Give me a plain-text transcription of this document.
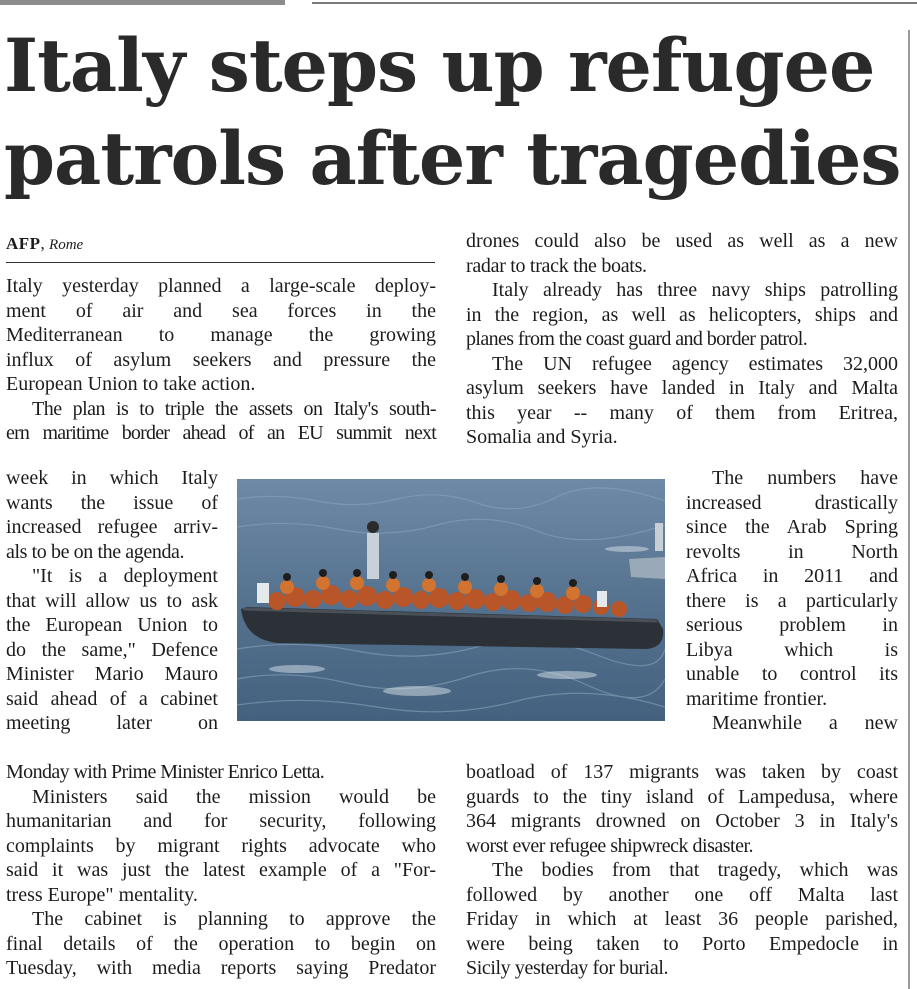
Italy steps up refugee
patrols after tragedies
AFP, Rome

Italy yesterday planned a large-scale deploy-
ment of air and sea forces in the
Mediterranean to manage the growing
influx of asylum seekers and pressure the
European Union to take action.

The plan is to triple the assets on Italy's south-
ern maritime border ahead of an EU summit next

week in which Italy
wants the issue of
increased refugee arriv-
als to be on the agenda.

"It is a deployment
that will allow us to ask
the European Union to
do the same," Defence
Minister Mario Mauro
said ahead of a cabinet
meeting later on

Monday with Prime Minister Enrico Letta.

Ministers said the mission would be
humanitarian and for security, following
complaints by migrant rights advocate who
said it was just the latest example of a "For-
tress Europe" mentality.

The cabinet is planning to approve the
final details of the operation to begin on
Tuesday, with media reports saying Predator

drones could also be used as well as a new
radar to track the boats.

Italy already has three navy ships patrolling
in the region, as well as helicopters, ships and
planes from the coast guard and border patrol.

The UN refugee agency estimates 32,000
asylum seekers have landed in Italy and Malta
this year -- many of them from Eritrea,
Somalia and Syria.

The numbers have
increased drastically
since the Arab Spring
revolts in North
Africa in 2011 and
there is a particularly
serious problem in
Libya which is
unable to control its
maritime frontier.

Meanwhile a new

boatload of 137 migrants was taken by coast
guards to the tiny island of Lampedusa, where
364 migrants drowned on October 3 in Italy's
worst ever refugee shipwreck disaster.

The bodies from that tragedy, which was
followed by another one off Malta last
Friday in which at least 36 people parished,
were being taken to Porto Empedocle in
Sicily yesterday for burial.
